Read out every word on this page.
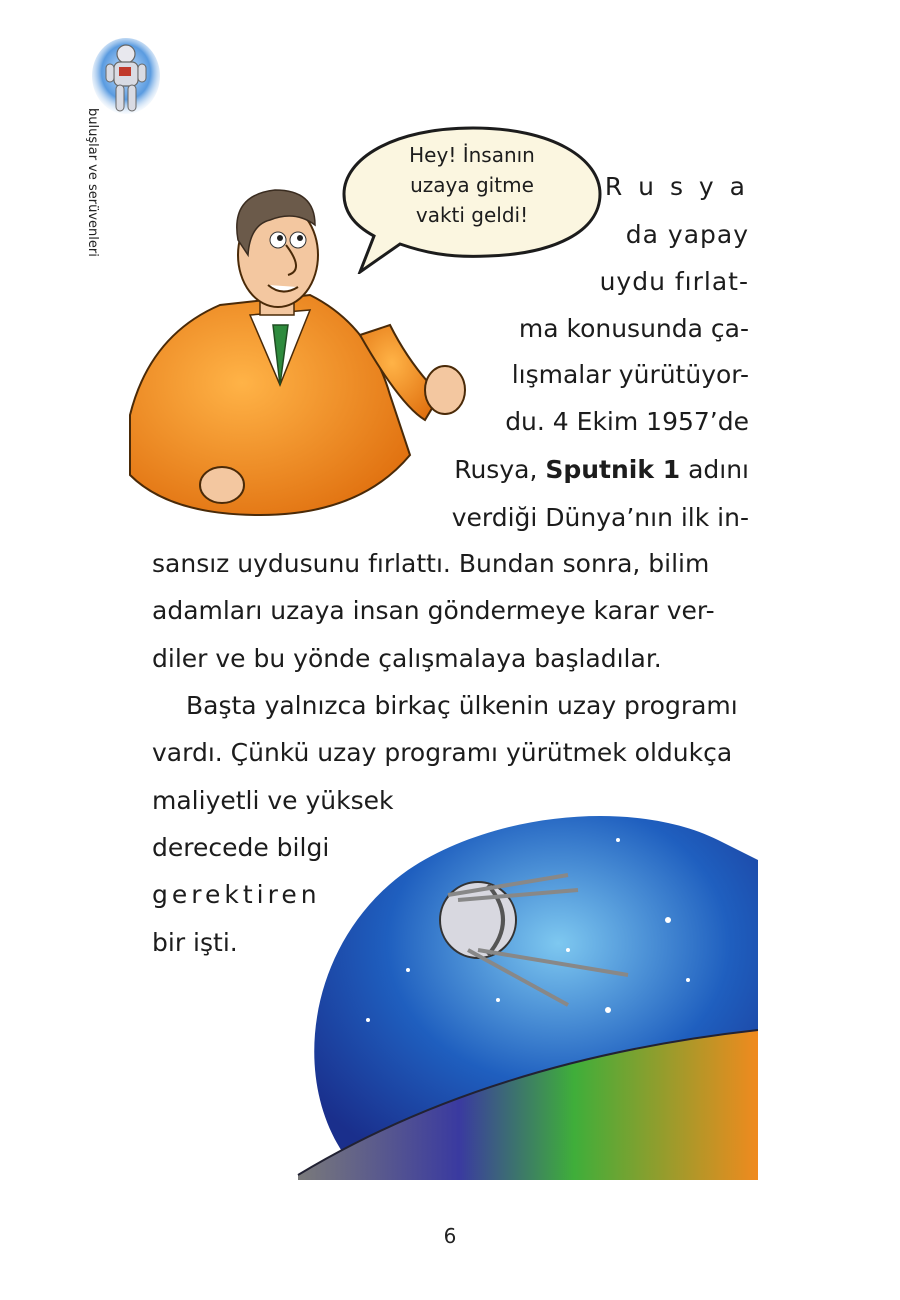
buluşlar ve serüvenleri	Hey! İnsanın
uzaya gitme
vakti geldi!
R u s y a
da yapay
uydu fırlat-
ma konusunda ça-
lışmalar yürütüyor-
du. 4 Ekim 1957’de
Rusya, Sputnik 1 adını
verdiği Dünya’nın ilk in-
sansız uydusunu fırlattı. Bundan sonra, bilim
adamları uzaya insan göndermeye karar ver-
diler ve bu yönde çalışmalaya başladılar.
Başta yalnızca birkaç ülkenin uzay programı
vardı. Çünkü uzay programı yürütmek oldukça
maliyetli ve yüksek
derecede bilgi
gerektiren
bir işti.
6
